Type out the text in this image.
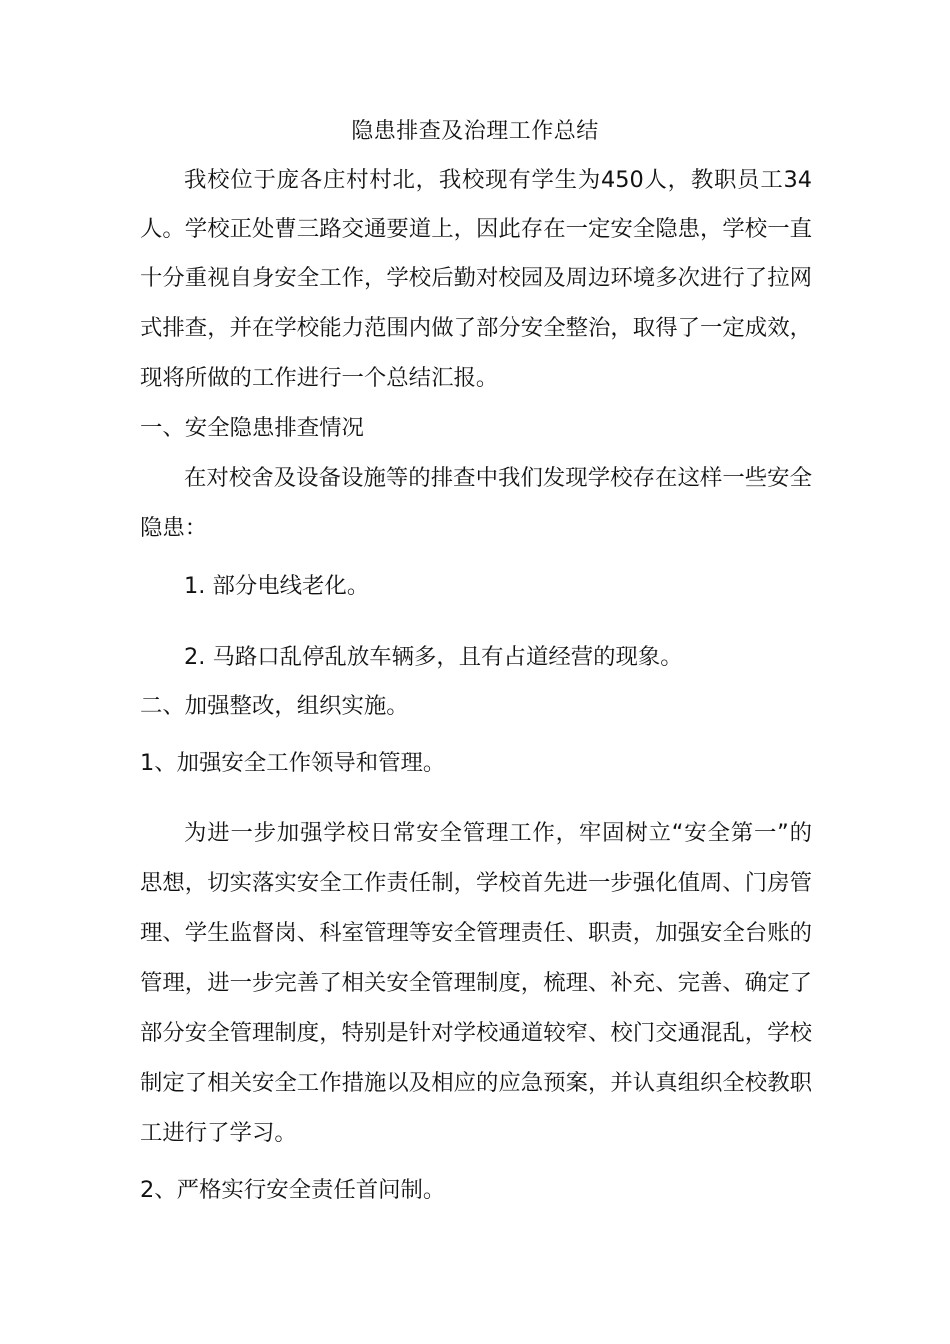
隐患排查及治理工作总结
我校位于庞各庄村村北，我校现有学生为450人，教职员工34
人。学校正处曹三路交通要道上，因此存在一定安全隐患，学校一直
十分重视自身安全工作，学校后勤对校园及周边环境多次进行了拉网
式排查，并在学校能力范围内做了部分安全整治，取得了一定成效，
现将所做的工作进行一个总结汇报。
一、安全隐患排查情况
在对校舍及设备设施等的排查中我们发现学校存在这样一些安全
隐患：
1. 部分电线老化。
2. 马路口乱停乱放车辆多，且有占道经营的现象。
二、加强整改，组织实施。
1、加强安全工作领导和管理。
为进一步加强学校日常安全管理工作，牢固树立“安全第一”的
思想，切实落实安全工作责任制，学校首先进一步强化值周、门房管
理、学生监督岗、科室管理等安全管理责任、职责，加强安全台账的
管理，进一步完善了相关安全管理制度，梳理、补充、完善、确定了
部分安全管理制度，特别是针对学校通道较窄、校门交通混乱，学校
制定了相关安全工作措施以及相应的应急预案，并认真组织全校教职
工进行了学习。
2、严格实行安全责任首问制。
